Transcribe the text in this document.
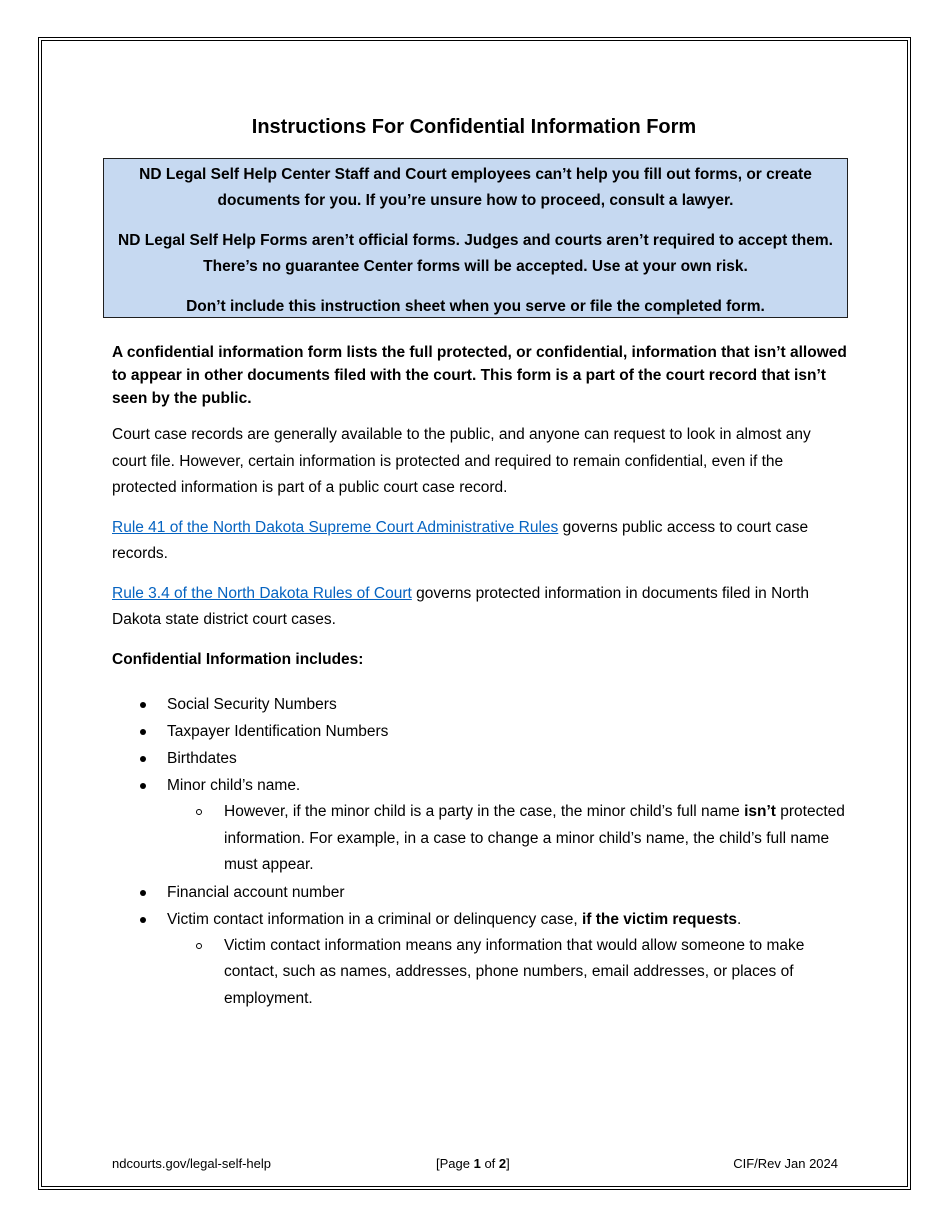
Instructions For Confidential Information Form

ND Legal Self Help Center Staff and Court employees can’t help you fill out forms, or create documents for you. If you’re unsure how to proceed, consult a lawyer.

ND Legal Self Help Forms aren’t official forms. Judges and courts aren’t required to accept them. There’s no guarantee Center forms will be accepted. Use at your own risk.

Don’t include this instruction sheet when you serve or file the completed form.

A confidential information form lists the full protected, or confidential, information that isn’t allowed to appear in other documents filed with the court. This form is a part of the court record that isn’t seen by the public.

Court case records are generally available to the public, and anyone can request to look in almost any court file. However, certain information is protected and required to remain confidential, even if the protected information is part of a public court case record.

Rule 41 of the North Dakota Supreme Court Administrative Rules governs public access to court case records.

Rule 3.4 of the North Dakota Rules of Court governs protected information in documents filed in North Dakota state district court cases.

Confidential Information includes:

Social Security Numbers
Taxpayer Identification Numbers
Birthdates
Minor child’s name.
However, if the minor child is a party in the case, the minor child’s full name isn’t protected information. For example, in a case to change a minor child’s name, the child’s full name must appear.
Financial account number
Victim contact information in a criminal or delinquency case, if the victim requests.
Victim contact information means any information that would allow someone to make contact, such as names, addresses, phone numbers, email addresses, or places of employment.
ndcourts.gov/legal-self-help	[Page 1 of 2]	CIF/Rev Jan 2024
